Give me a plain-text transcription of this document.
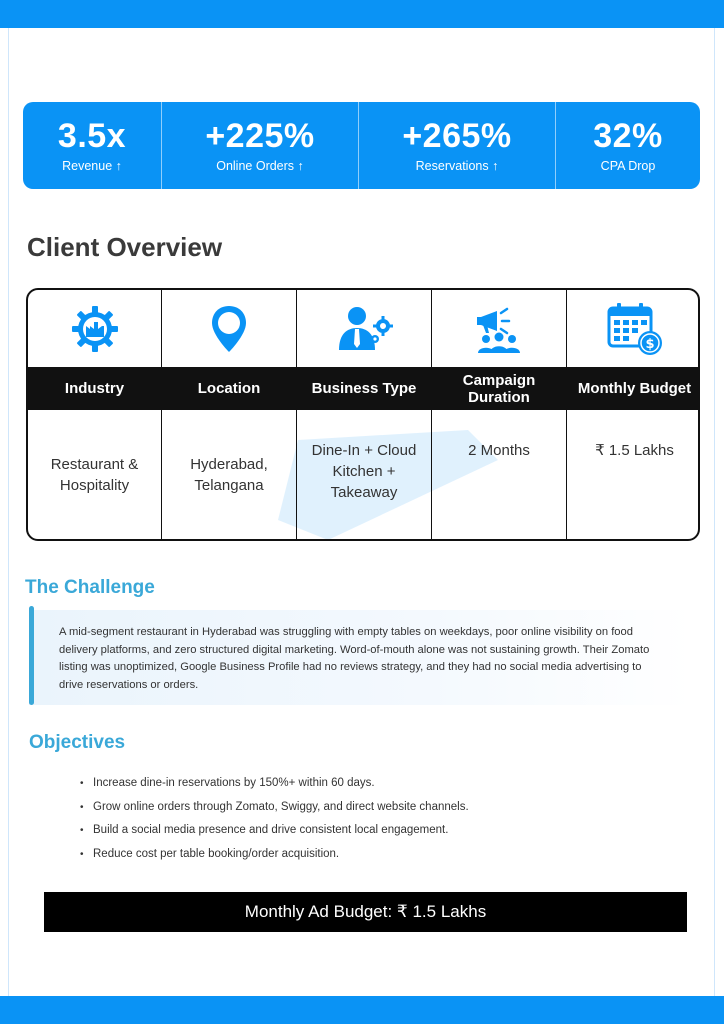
3.5x
Revenue ↑
+225%
Online Orders ↑
+265%
Reservations ↑
32%
CPA Drop
Client Overview
Industry
Restaurant & Hospitality
Location
Hyderabad, Telangana
Business Type
Dine-In + Cloud Kitchen + Takeaway
Campaign Duration
2 Months
$
Monthly Budget
₹ 1.5 Lakhs
The Challenge
A mid-segment restaurant in Hyderabad was struggling with empty tables on weekdays, poor online visibility on food delivery platforms, and zero structured digital marketing. Word-of-mouth alone was not sustaining growth. Their Zomato listing was unoptimized, Google Business Profile had no reviews strategy, and they had no social media advertising to drive reservations or orders.
Objectives
• Increase dine-in reservations by 150%+ within 60 days.
• Grow online orders through Zomato, Swiggy, and direct website channels.
• Build a social media presence and drive consistent local engagement.
• Reduce cost per table booking/order acquisition.
Monthly Ad Budget: ₹ 1.5 Lakhs
